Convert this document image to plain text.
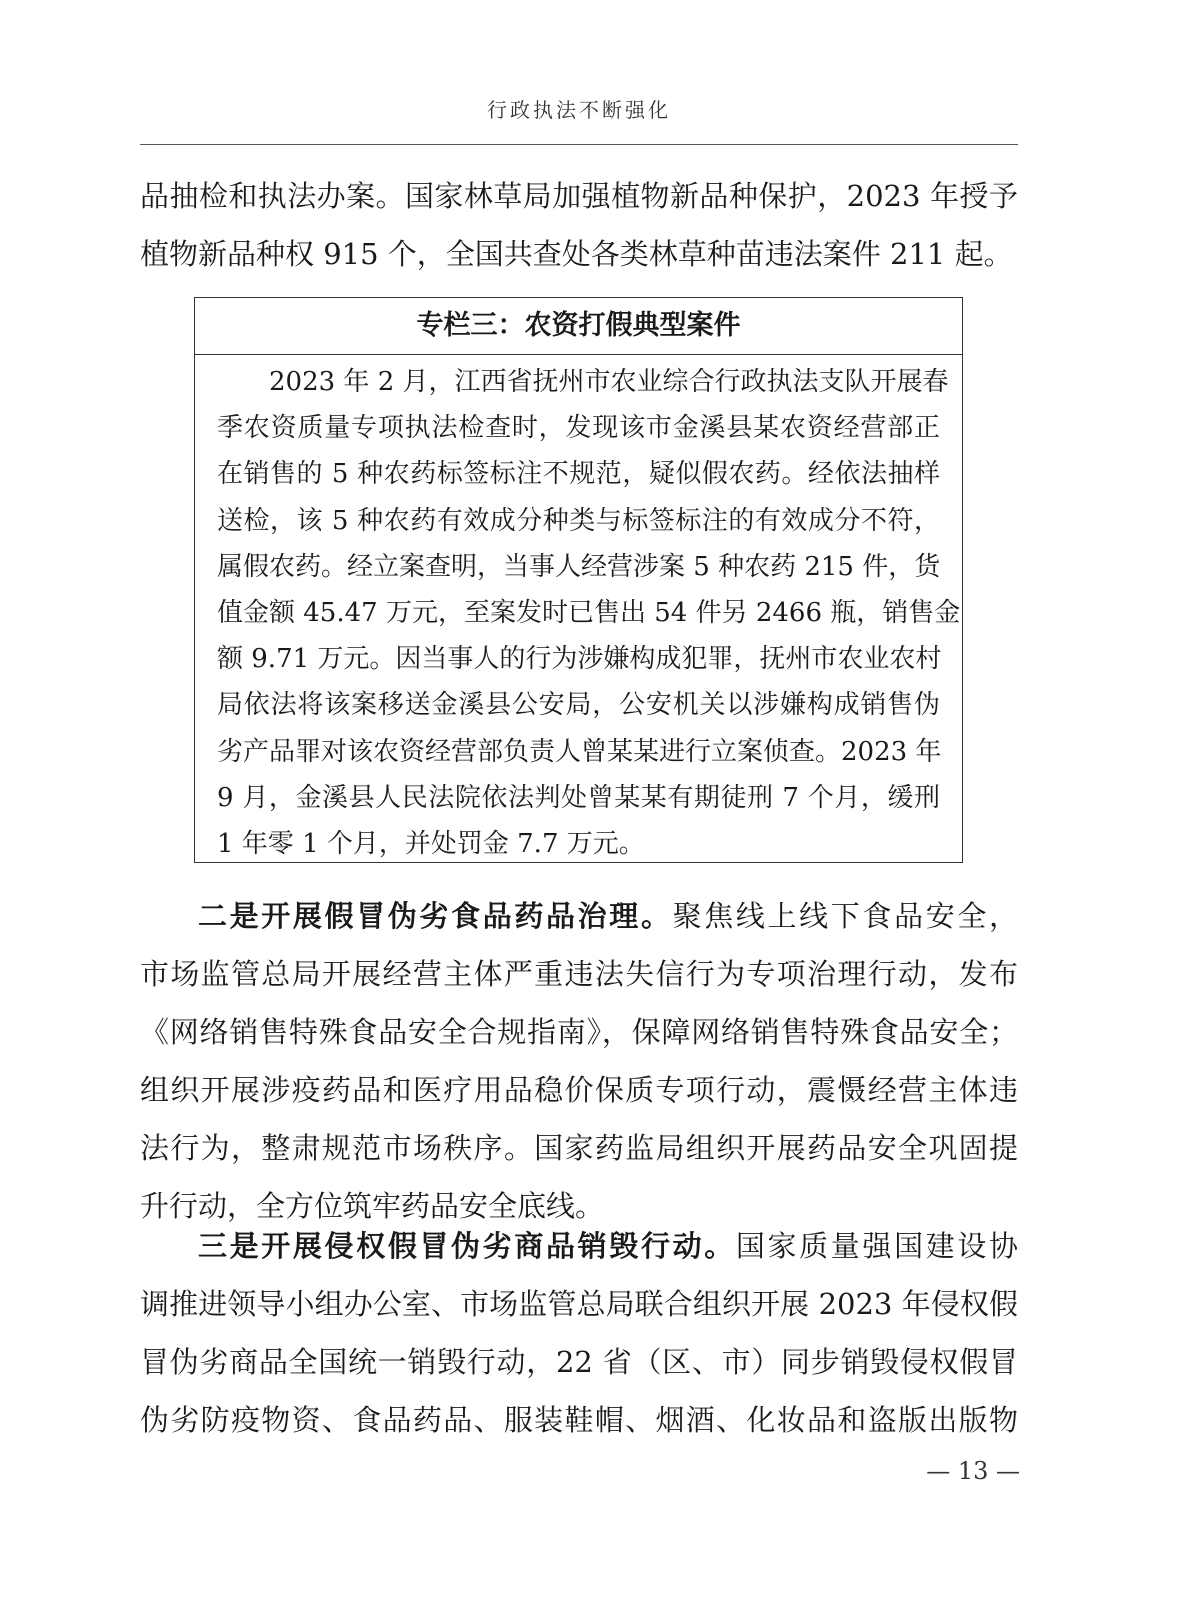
行政执法不断强化
品抽检和执法办案。国家林草局加强植物新品种保护，2023 年授予
植物新品种权 915 个，全国共查处各类林草种苗违法案件 211 起。
专栏三：农资打假典型案件
2023 年 2 月，江西省抚州市农业综合行政执法支队开展春
季农资质量专项执法检查时，发现该市金溪县某农资经营部正
在销售的 5 种农药标签标注不规范，疑似假农药。经依法抽样
送检，该 5 种农药有效成分种类与标签标注的有效成分不符，
属假农药。经立案查明，当事人经营涉案 5 种农药 215 件，货
值金额 45.47 万元，至案发时已售出 54 件另 2466 瓶，销售金
额 9.71 万元。因当事人的行为涉嫌构成犯罪，抚州市农业农村
局依法将该案移送金溪县公安局，公安机关以涉嫌构成销售伪
劣产品罪对该农资经营部负责人曾某某进行立案侦查。2023 年
9 月，金溪县人民法院依法判处曾某某有期徒刑 7 个月，缓刑
1 年零 1 个月，并处罚金 7.7 万元。
二是开展假冒伪劣食品药品治理。聚焦线上线下食品安全，
市场监管总局开展经营主体严重违法失信行为专项治理行动，发布
《网络销售特殊食品安全合规指南》，保障网络销售特殊食品安全；
组织开展涉疫药品和医疗用品稳价保质专项行动，震慑经营主体违
法行为，整肃规范市场秩序。国家药监局组织开展药品安全巩固提
升行动，全方位筑牢药品安全底线。
三是开展侵权假冒伪劣商品销毁行动。国家质量强国建设协
调推进领导小组办公室、市场监管总局联合组织开展 2023 年侵权假
冒伪劣商品全国统一销毁行动，22 省（区、市）同步销毁侵权假冒
伪劣防疫物资、食品药品、服装鞋帽、烟酒、化妆品和盗版出版物
— 13 —
